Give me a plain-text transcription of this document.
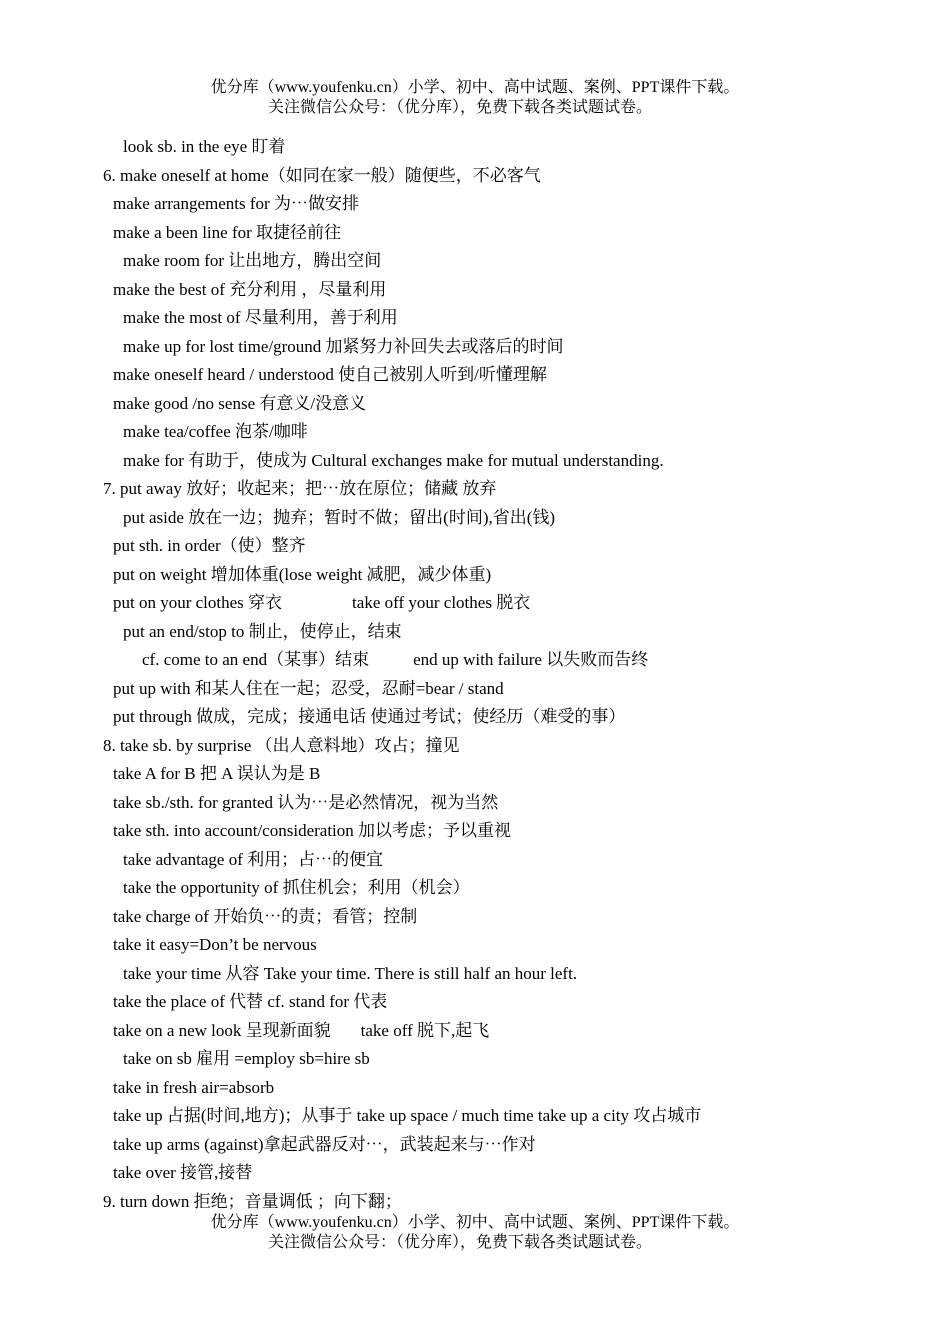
优分库（www.youfenku.cn）小学、初中、高中试题、案例、PPT课件下载。
关注微信公众号：（优分库），免费下载各类试题试卷。
look sb. in the eye 盯着
6. make oneself at home（如同在家一般）随便些，不必客气
make arrangements for 为⋯做安排
make a been line for 取捷径前往
make room for 让出地方，腾出空间
make the best of 充分利用 ，尽量利用
make the most of 尽量利用，善于利用
make up for lost time/ground 加紧努力补回失去或落后的时间
make oneself heard / understood 使自己被别人听到/听懂理解
make good /no sense 有意义/没意义
make tea/coffee 泡茶/咖啡
make for 有助于，使成为 Cultural exchanges make for mutual understanding.
7. put away 放好；收起来；把⋯放在原位；储藏 放弃
put aside 放在一边；抛弃；暂时不做；留出(时间),省出(钱)
put sth. in order（使）整齐
put on weight 增加体重(lose weight 减肥，减少体重)
put on your clothes 穿衣	take off your clothes 脱衣
put an end/stop to 制止，使停止，结束
cf. come to an end（某事）结束	end up with failure 以失败而告终
put up with 和某人住在一起；忍受，忍耐=bear / stand
put through 做成，完成；接通电话 使通过考试；使经历（难受的事）
8. take sb. by surprise （出人意料地）攻占；撞见
take A for B 把 A 误认为是 B
take sb./sth. for granted 认为⋯是必然情况，视为当然
take sth. into account/consideration 加以考虑；予以重视
take advantage of 利用；占⋯的便宜
take the opportunity of 抓住机会；利用（机会）
take charge of 开始负⋯的责；看管；控制
take it easy=Don’t be nervous
take your time 从容 Take your time. There is still half an hour left.
take the place of 代替 cf. stand for 代表
take on a new look 呈现新面貌 take off 脱下,起飞
take on sb 雇用 =employ sb=hire sb
take in fresh air=absorb
take up 占据(时间,地方)；从事于 take up space / much time take up a city 攻占城市
take up arms (against)拿起武器反对⋯，武装起来与⋯作对
take over 接管,接替
9. turn down 拒绝；音量调低 ；向下翻；
优分库（www.youfenku.cn）小学、初中、高中试题、案例、PPT课件下载。
关注微信公众号：（优分库），免费下载各类试题试卷。
